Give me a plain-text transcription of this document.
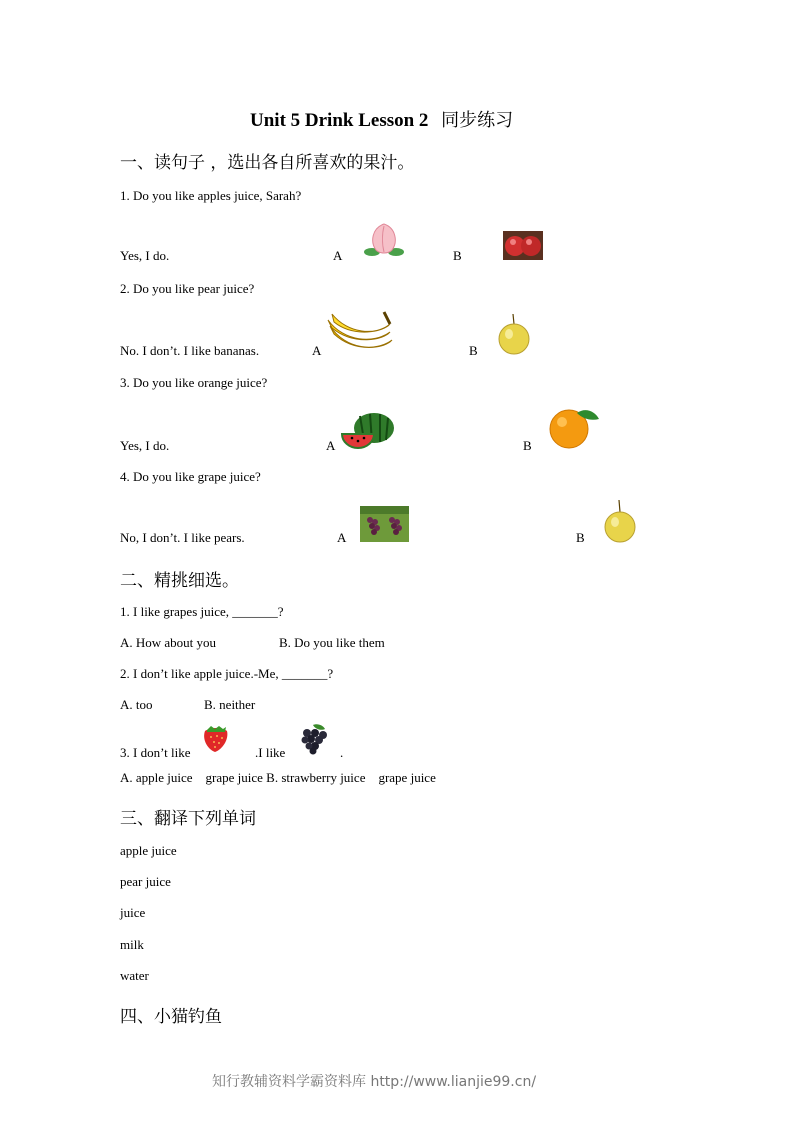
Unit 5 Drink Lesson 2 同步练习
一、读句子 ，选出各自所喜欢的果汁。
1. Do you like apples juice, Sarah?
Yes, I do.	A	B
2. Do you like pear juice?
No. I don’t. I like bananas.	A	B
3. Do you like orange juice?
Yes, I do.	A	B
4. Do you like grape juice?
No, I don’t. I like pears.	A	B
二、精挑细选。
1. I like grapes juice, _______?
A. How about you	B. Do you like them
2. I don’t like apple juice.-Me, _______?
A. too	B. neither
3. I don’t like	.I like	.
A. apple juice    grape juice B. strawberry juice    grape juice
三、翻译下列单词
apple juice
pear juice
juice
milk
water
四、小猫钓鱼
知行教辅资料学霸资料库 http://www.lianjie99.cn/
